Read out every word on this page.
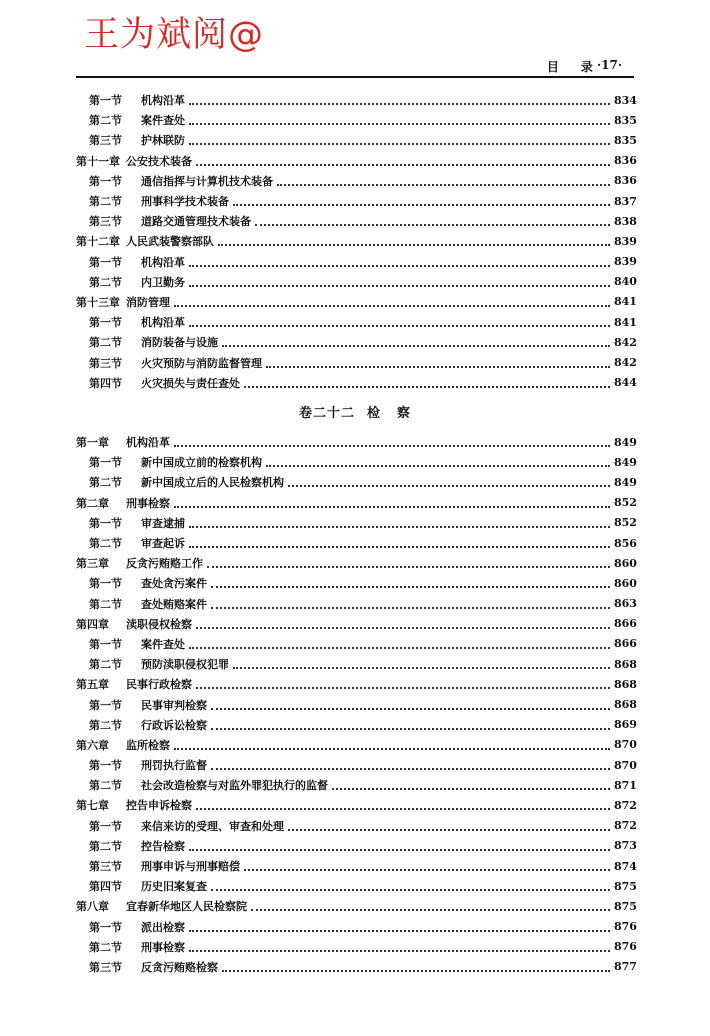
王为斌阅@
目 录 ·17·
第一节	机构沿革	834
第二节	案件查处	835
第三节	护林联防	835
第十一章 公安技术装备	836
第一节	通信指挥与计算机技术装备	836
第二节	刑事科学技术装备	837
第三节	道路交通管理技术装备	838
第十二章 人民武装警察部队	839
第一节	机构沿革	839
第二节	内卫勤务	840
第十三章 消防管理	841
第一节	机构沿革	841
第二节	消防装备与设施	842
第三节	火灾预防与消防监督管理	842
第四节	火灾损失与责任查处	844
卷二十二 检 察
第一章	机构沿革	849
第一节	新中国成立前的检察机构	849
第二节	新中国成立后的人民检察机构	849
第二章	刑事检察	852
第一节	审查逮捕	852
第二节	审查起诉	856
第三章	反贪污贿赂工作	860
第一节	查处贪污案件	860
第二节	查处贿赂案件	863
第四章	渎职侵权检察	866
第一节	案件查处	866
第二节	预防渎职侵权犯罪	868
第五章	民事行政检察	868
第一节	民事审判检察	868
第二节	行政诉讼检察	869
第六章	监所检察	870
第一节	刑罚执行监督	870
第二节	社会改造检察与对监外罪犯执行的监督	871
第七章	控告申诉检察	872
第一节	来信来访的受理、审查和处理	872
第二节	控告检察	873
第三节	刑事申诉与刑事赔偿	874
第四节	历史旧案复查	875
第八章	宜春新华地区人民检察院	875
第一节	派出检察	876
第二节	刑事检察	876
第三节	反贪污贿赂检察	877
